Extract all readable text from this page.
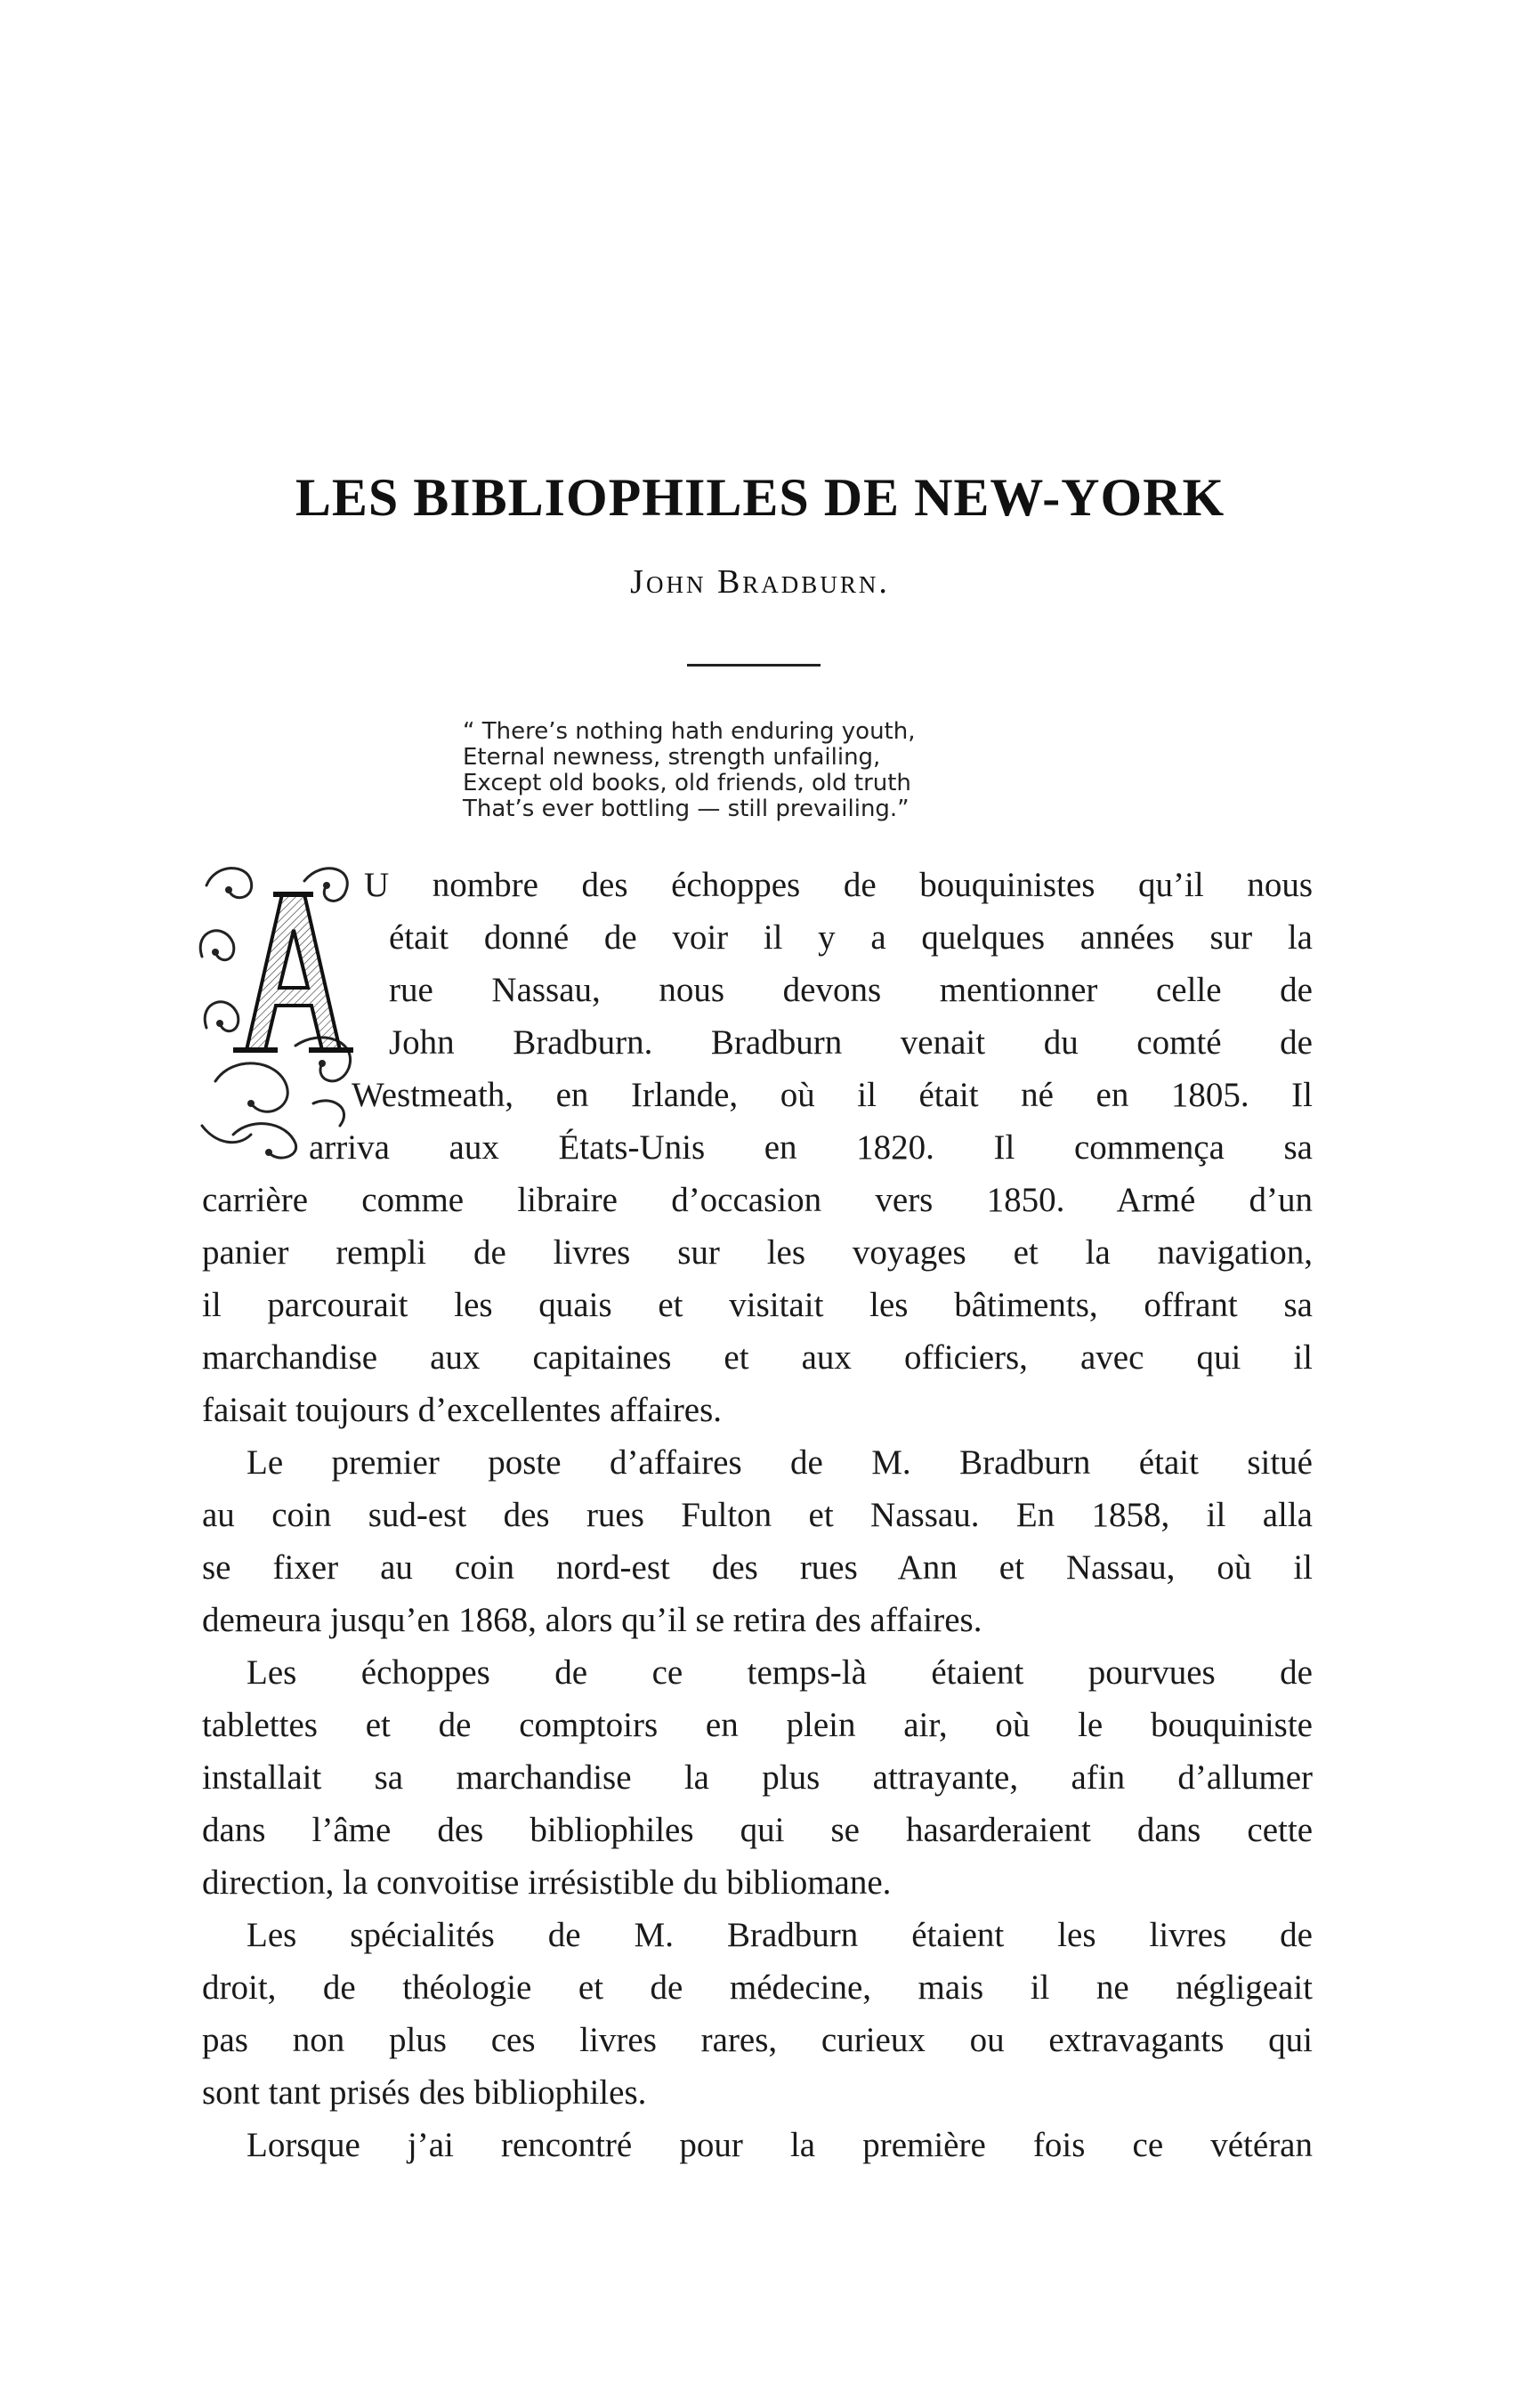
LES BIBLIOPHILES DE NEW-YORK
John Bradburn.
“ There’s nothing hath enduring youth,
Eternal newness, strength unfailing,
Except old books, old friends, old truth
That’s ever bottling — still prevailing.”
U nombre des échoppes de bouquinistes qu’il nous
était donné de voir il y a quelques années sur la
rue Nassau, nous devons mentionner celle de
John Bradburn. Bradburn venait du comté de
Westmeath, en Irlande, où il était né en 1805. Il
arriva aux États-Unis en 1820. Il commença sa
carrière comme libraire d’occasion vers 1850. Armé d’un
panier rempli de livres sur les voyages et la navigation,
il parcourait les quais et visitait les bâtiments, offrant sa
marchandise aux capitaines et aux officiers, avec qui il
faisait toujours d’excellentes affaires.
Le premier poste d’affaires de M. Bradburn était situé
au coin sud-est des rues Fulton et Nassau. En 1858, il alla
se fixer au coin nord-est des rues Ann et Nassau, où il
demeura jusqu’en 1868, alors qu’il se retira des affaires.
Les échoppes de ce temps-là étaient pourvues de
tablettes et de comptoirs en plein air, où le bouquiniste
installait sa marchandise la plus attrayante, afin d’allumer
dans l’âme des bibliophiles qui se hasarderaient dans cette
direction, la convoitise irrésistible du bibliomane.
Les spécialités de M. Bradburn étaient les livres de
droit, de théologie et de médecine, mais il ne négligeait
pas non plus ces livres rares, curieux ou extravagants qui
sont tant prisés des bibliophiles.
Lorsque j’ai rencontré pour la première fois ce vétéran
